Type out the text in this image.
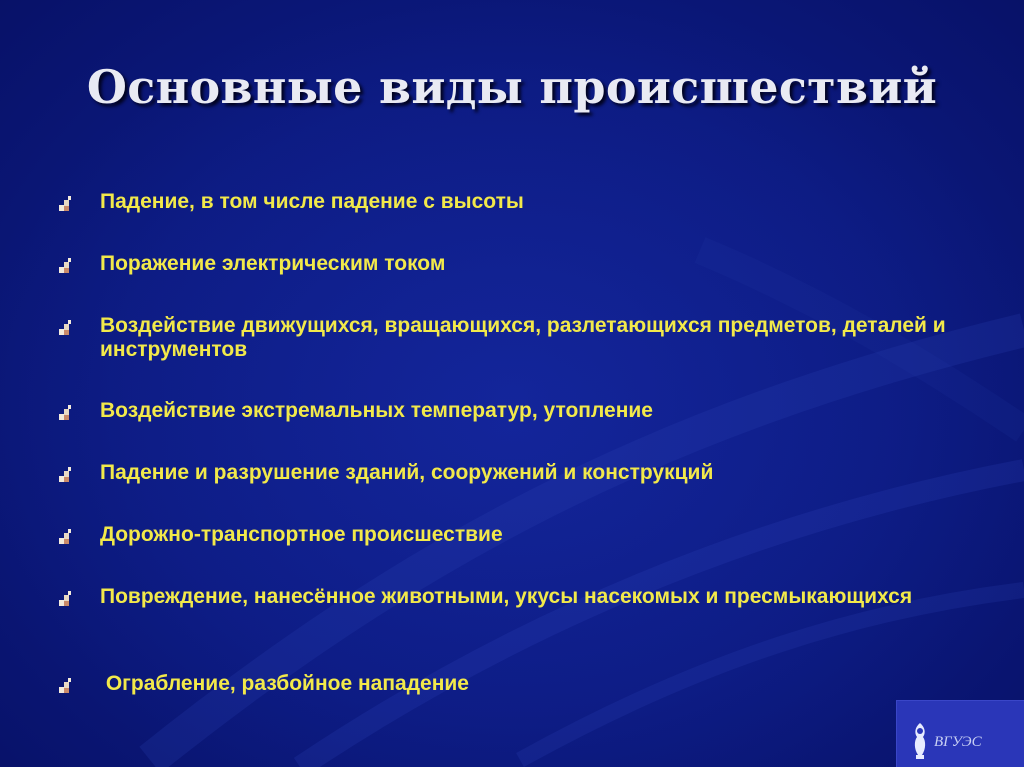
Основные виды происшествий
Падение, в том числе падение с высоты
Поражение электрическим током
Воздействие движущихся, вращающихся, разлетающихся предметов, деталей и инструментов
Воздействие экстремальных температур, утопление
Падение и разрушение зданий, сооружений и конструкций
Дорожно-транспортное происшествие
Повреждение, нанесённое животными, укусы насекомых и пресмыкающихся
Ограбление, разбойное нападение
ВГУЭС
